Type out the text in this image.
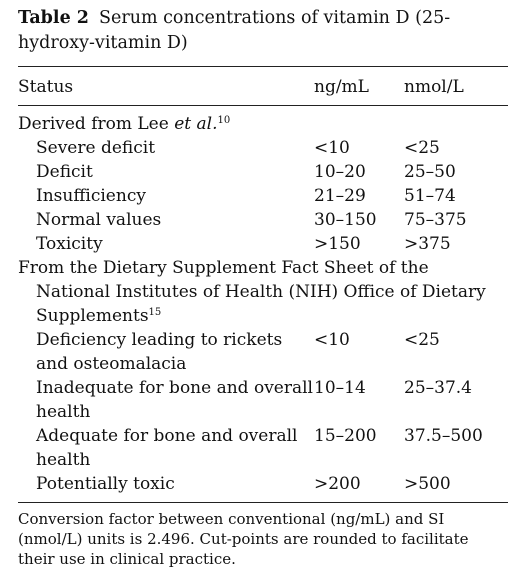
Table 2 Serum concentrations of vitamin D (25-hydroxy-vitamin D)

Status	ng/mL	nmol/L

Derived from Lee et al.$^{10}$

Severe deficit	<10	<25
Deficit	10–20	25–50
Insufficiency	21–29	51–74
Normal values	30–150	75–375
Toxicity	>150	>375

From the Dietary Supplement Fact Sheet of the National Institutes of Health (NIH) Office of Dietary Supplements$^{15}$

Deficiency leading to rickets and osteomalacia	<10	<25
Inadequate for bone and overall health	10–14	25–37.4
Adequate for bone and overall health	15–200	37.5–500
Potentially toxic	>200	>500

Conversion factor between conventional (ng/mL) and SI (nmol/L) units is 2.496. Cut-points are rounded to facilitate their use in clinical practice.
